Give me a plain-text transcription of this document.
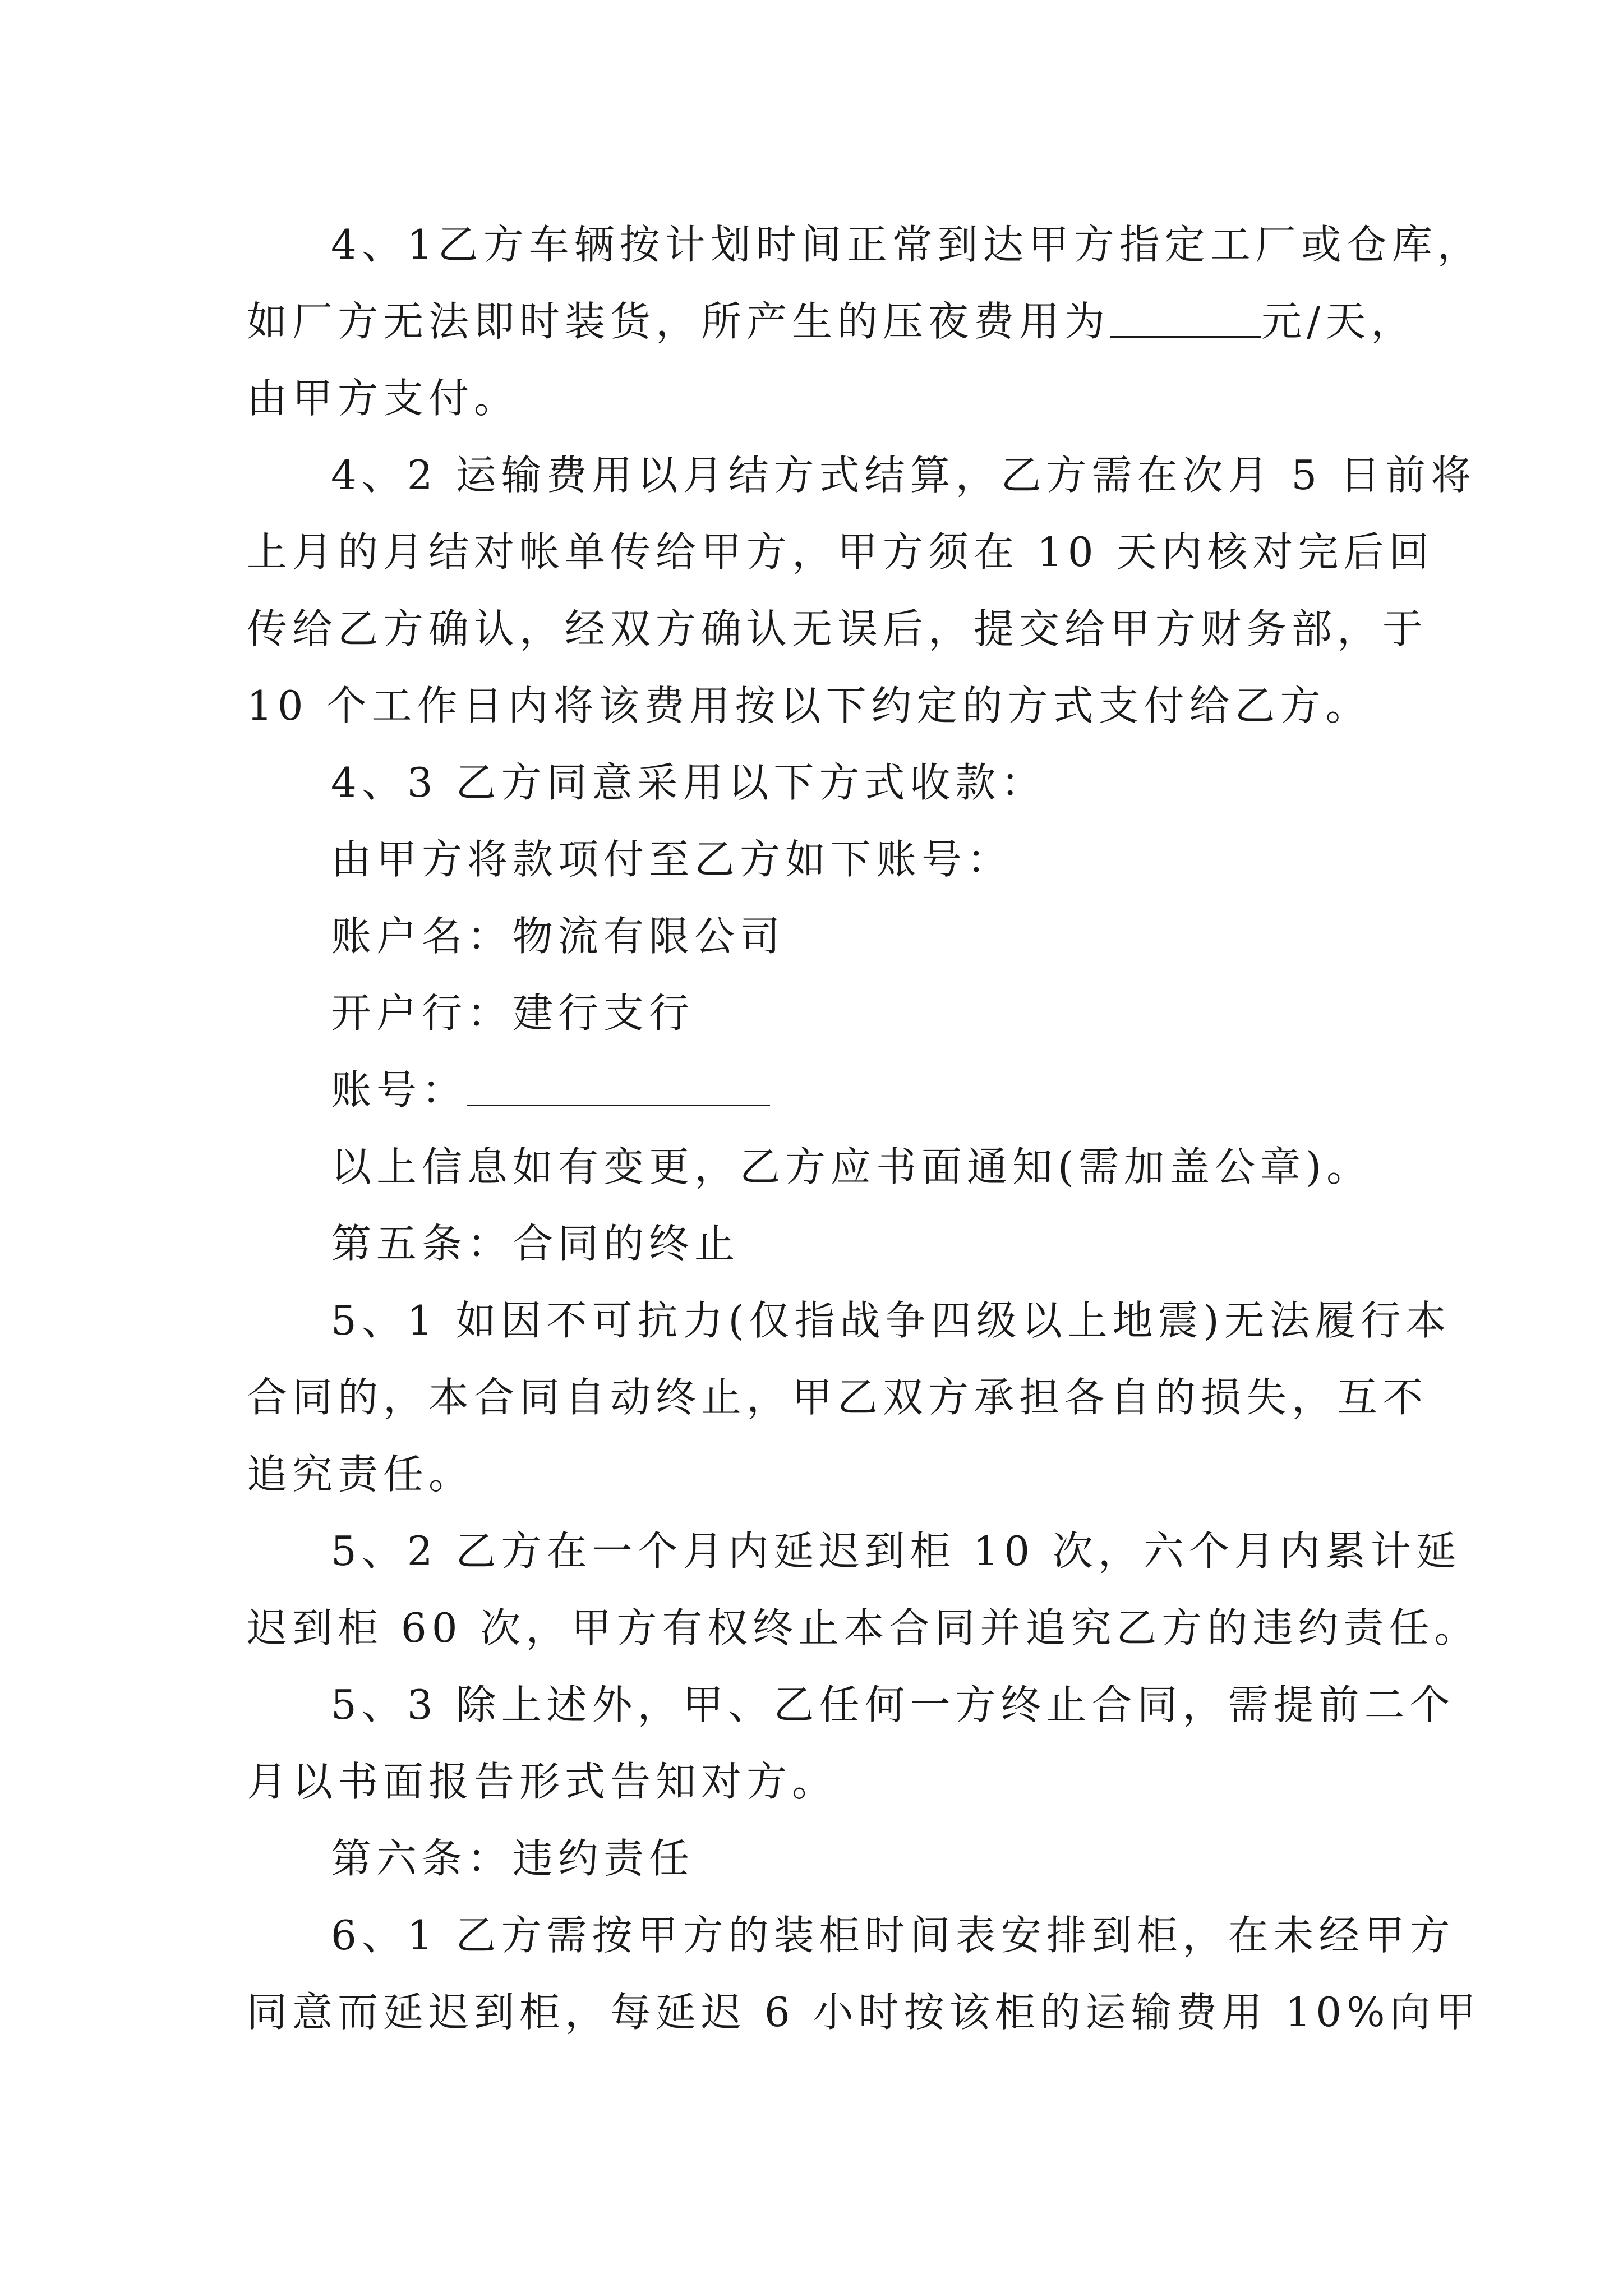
4、1乙方车辆按计划时间正常到达甲方指定工厂或仓库，
如厂方无法即时装货，所产生的压夜费用为	元/天，
由甲方支付。
4、2 运输费用以月结方式结算，乙方需在次月 5 日前将
上月的月结对帐单传给甲方，甲方须在 10 天内核对完后回
传给乙方确认，经双方确认无误后，提交给甲方财务部，于
10 个工作日内将该费用按以下约定的方式支付给乙方。
4、3 乙方同意采用以下方式收款：
由甲方将款项付至乙方如下账号：
账户名：物流有限公司
开户行：建行支行
账号：
以上信息如有变更，乙方应书面通知(需加盖公章)。
第五条：合同的终止
5、1 如因不可抗力(仅指战争四级以上地震)无法履行本
合同的，本合同自动终止，甲乙双方承担各自的损失，互不
追究责任。
5、2 乙方在一个月内延迟到柜 10 次，六个月内累计延
迟到柜 60 次，甲方有权终止本合同并追究乙方的违约责任。
5、3 除上述外，甲、乙任何一方终止合同，需提前二个
月以书面报告形式告知对方。
第六条：违约责任
6、1 乙方需按甲方的装柜时间表安排到柜，在未经甲方
同意而延迟到柜，每延迟 6 小时按该柜的运输费用 10%向甲
